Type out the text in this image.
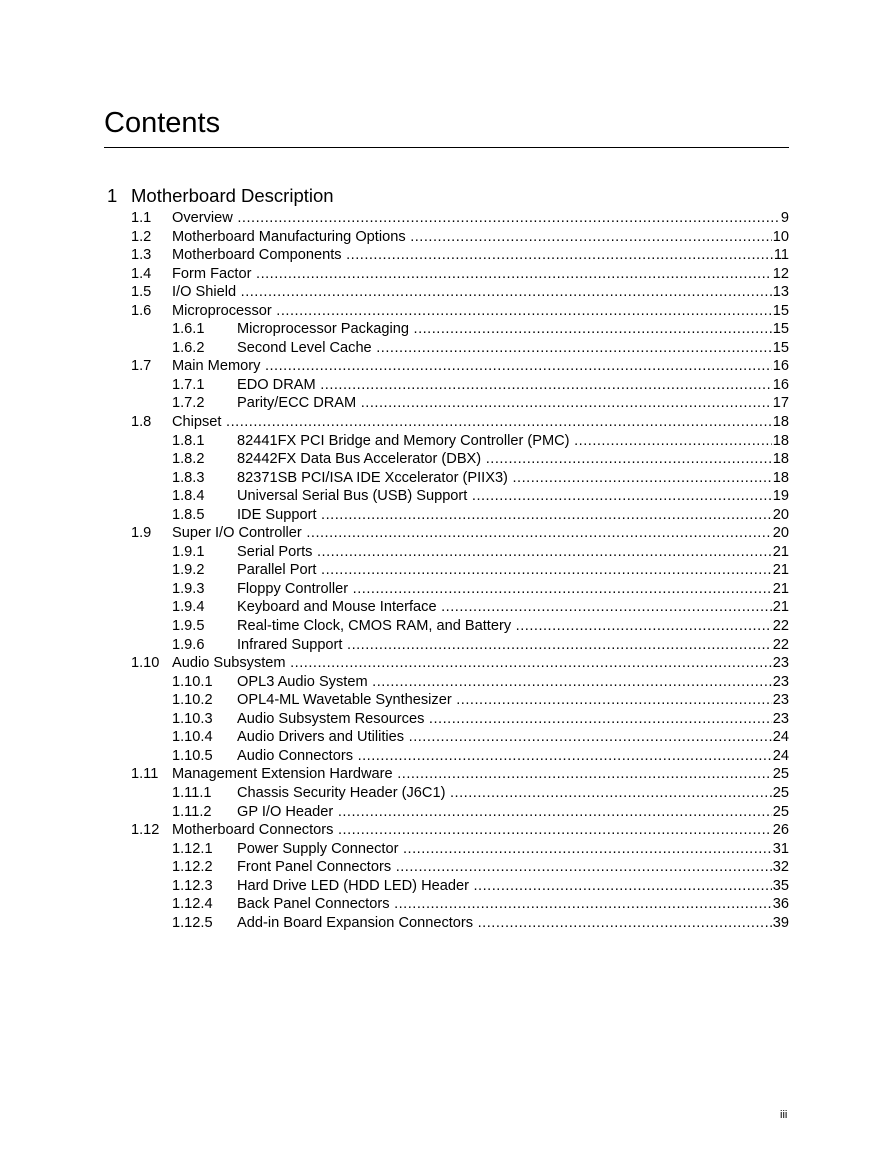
Contents
1 Motherboard Description
1.1 Overview .....	9
1.2 Motherboard Manufacturing Options .....	10
1.3 Motherboard Components .....	11
1.4 Form Factor .....	12
1.5 I/O Shield .....	13
1.6 Microprocessor .....	15
1.6.1 Microprocessor Packaging .....	15
1.6.2 Second Level Cache .....	15
1.7 Main Memory .....	16
1.7.1 EDO DRAM .....	16
1.7.2 Parity/ECC DRAM .....	17
1.8 Chipset .....	18
1.8.1 82441FX PCI Bridge and Memory Controller (PMC) .....	18
1.8.2 82442FX Data Bus Accelerator (DBX) .....	18
1.8.3 82371SB PCI/ISA IDE Xccelerator (PIIX3) .....	18
1.8.4 Universal Serial Bus (USB) Support .....	19
1.8.5 IDE Support .....	20
1.9 Super I/O Controller .....	20
1.9.1 Serial Ports .....	21
1.9.2 Parallel Port .....	21
1.9.3 Floppy Controller .....	21
1.9.4 Keyboard and Mouse Interface .....	21
1.9.5 Real-time Clock, CMOS RAM, and Battery .....	22
1.9.6 Infrared Support .....	22
1.10 Audio Subsystem .....	23
1.10.1 OPL3 Audio System .....	23
1.10.2 OPL4-ML Wavetable Synthesizer .....	23
1.10.3 Audio Subsystem Resources .....	23
1.10.4 Audio Drivers and Utilities .....	24
1.10.5 Audio Connectors .....	24
1.11 Management Extension Hardware .....	25
1.11.1 Chassis Security Header (J6C1) .....	25
1.11.2 GP I/O Header .....	25
1.12 Motherboard Connectors .....	26
1.12.1 Power Supply Connector .....	31
1.12.2 Front Panel Connectors .....	32
1.12.3 Hard Drive LED (HDD LED) Header .....	35
1.12.4 Back Panel Connectors .....	36
1.12.5 Add-in Board Expansion Connectors .....	39
iii
